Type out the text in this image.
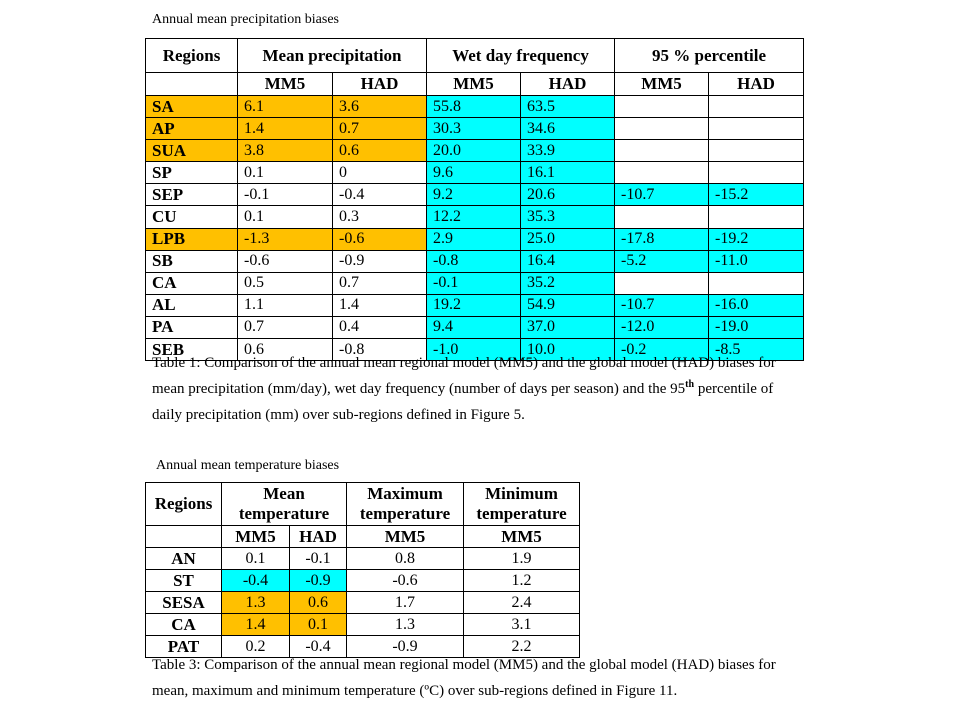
Annual mean precipitation biases
Regions	Mean precipitation		Wet day frequency		95 % percentile	
	MM5	HAD	MM5	HAD	MM5	HAD
SA	6.1	3.6	55.8	63.5		
AP	1.4	0.7	30.3	34.6		
SUA	3.8	0.6	20.0	33.9		
SP	0.1	0	9.6	16.1		
SEP	-0.1	-0.4	9.2	20.6	-10.7	-15.2
CU	0.1	0.3	12.2	35.3		
LPB	-1.3	-0.6	2.9	25.0	-17.8	-19.2
SB	-0.6	-0.9	-0.8	16.4	-5.2	-11.0
CA	0.5	0.7	-0.1	35.2		
AL	1.1	1.4	19.2	54.9	-10.7	-16.0
PA	0.7	0.4	9.4	37.0	-12.0	-19.0
SEB	0.6	-0.8	-1.0	10.0	-0.2	-8.5
Table 1: Comparison of the annual mean regional model (MM5) and the global model (HAD) biases for mean precipitation (mm/day), wet day frequency (number of days per season) and the 95th percentile of daily precipitation (mm) over sub-regions defined in Figure 5.
Annual mean temperature biases
Regions	Mean temperature		Maximum temperature	Minimum temperature
	MM5	HAD	MM5	MM5
AN	0.1	-0.1	0.8	1.9
ST	-0.4	-0.9	-0.6	1.2
SESA	1.3	0.6	1.7	2.4
CA	1.4	0.1	1.3	3.1
PAT	0.2	-0.4	-0.9	2.2
Table 3: Comparison of the annual mean regional model (MM5) and the global model (HAD) biases for mean, maximum and minimum temperature (ºC) over sub-regions defined in Figure 11.
